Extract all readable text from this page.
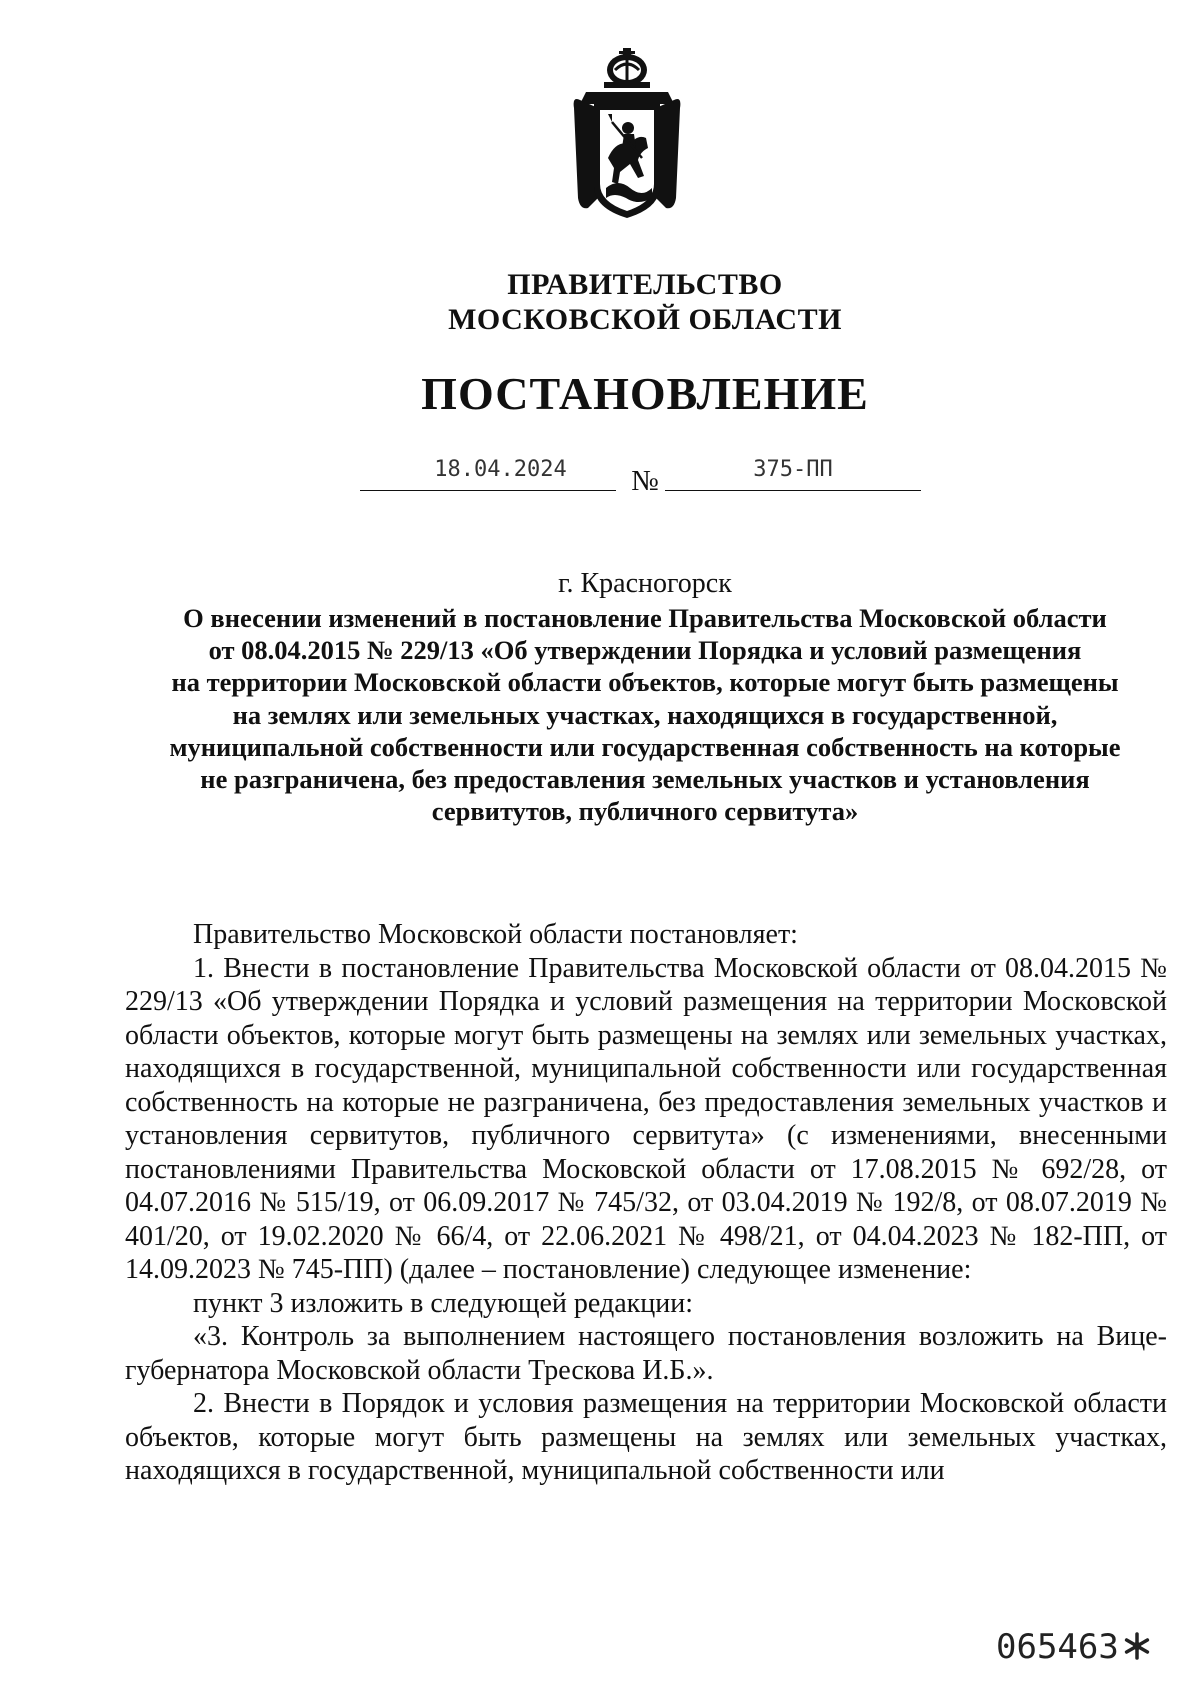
ПРАВИТЕЛЬСТВО
МОСКОВСКОЙ ОБЛАСТИ
ПОСТАНОВЛЕНИЕ
18.04.2024	№	375-ПП
г. Красногорск
О внесении изменений в постановление Правительства Московской области
от 08.04.2015 № 229/13 «Об утверждении Порядка и условий размещения
на территории Московской области объектов, которые могут быть размещены
на землях или земельных участках, находящихся в государственной,
муниципальной собственности или государственная собственность на которые
не разграничена, без предоставления земельных участков и установления
сервитутов, публичного сервитута»

Правительство Московской области постановляет:

1. Внести в постановление Правительства Московской области от 08.04.2015 № 229/13 «Об утверждении Порядка и условий размещения на территории Московской области объектов, которые могут быть размещены на землях или земельных участках, находящихся в государственной, муниципальной собственности или государственная собственность на которые не разграничена, без предоставления земельных участков и установления сервитутов, публичного сервитута» (с изменениями, внесенными постановлениями Правительства Московской области от 17.08.2015 № 692/28, от 04.07.2016 № 515/19, от 06.09.2017 № 745/32, от 03.04.2019 № 192/8, от 08.07.2019 № 401/20, от 19.02.2020 № 66/4, от 22.06.2021 № 498/21, от 04.04.2023 № 182-ПП, от 14.09.2023 № 745-ПП) (далее – постановление) следующее изменение:

пункт 3 изложить в следующей редакции:

«3. Контроль за выполнением настоящего постановления возложить на Вице-губернатора Московской области Трескова И.Б.».

2. Внести в Порядок и условия размещения на территории Московской области объектов, которые могут быть размещены на землях или земельных участках, находящихся в государственной, муниципальной собственности или

065463
